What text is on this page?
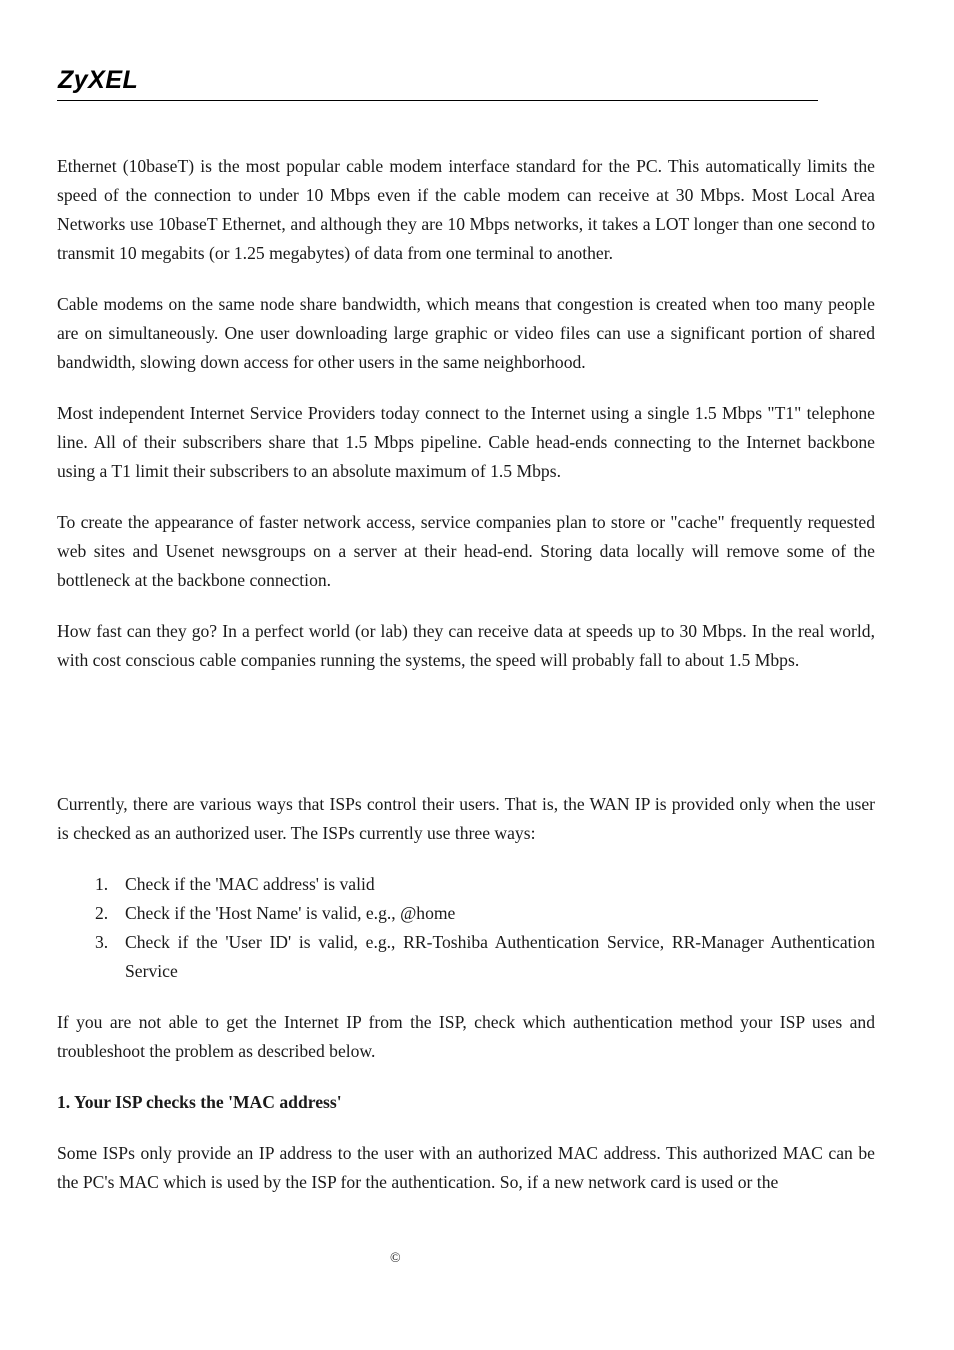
ZyXEL

Ethernet (10baseT) is the most popular cable modem interface standard for the PC. This automatically limits the speed of the connection to under 10 Mbps even if the cable modem can receive at 30 Mbps. Most Local Area Networks use 10baseT Ethernet, and although they are 10 Mbps networks, it takes a LOT longer than one second to transmit 10 megabits (or 1.25 megabytes) of data from one terminal to another.

Cable modems on the same node share bandwidth, which means that congestion is created when too many people are on simultaneously. One user downloading large graphic or video files can use a significant portion of shared bandwidth, slowing down access for other users in the same neighborhood.

Most independent Internet Service Providers today connect to the Internet using a single 1.5 Mbps "T1" telephone line. All of their subscribers share that 1.5 Mbps pipeline. Cable head-ends connecting to the Internet backbone using a T1 limit their subscribers to an absolute maximum of 1.5 Mbps.

To create the appearance of faster network access, service companies plan to store or "cache" frequently requested web sites and Usenet newsgroups on a server at their head-end. Storing data locally will remove some of the bottleneck at the backbone connection.

How fast can they go? In a perfect world (or lab) they can receive data at speeds up to 30 Mbps. In the real world, with cost conscious cable companies running the systems, the speed will probably fall to about 1.5 Mbps.

Currently, there are various ways that ISPs control their users. That is, the WAN IP is provided only when the user is checked as an authorized user. The ISPs currently use three ways:

1. Check if the 'MAC address' is valid
2. Check if the 'Host Name' is valid, e.g., @home
3. Check if the 'User ID' is valid, e.g., RR-Toshiba Authentication Service, RR-Manager Authentication Service

If you are not able to get the Internet IP from the ISP, check which authentication method your ISP uses and troubleshoot the problem as described below.

1. Your ISP checks the 'MAC address'

Some ISPs only provide an IP address to the user with an authorized MAC address. This authorized MAC can be the PC's MAC which is used by the ISP for the authentication. So, if a new network card is used or the

©
